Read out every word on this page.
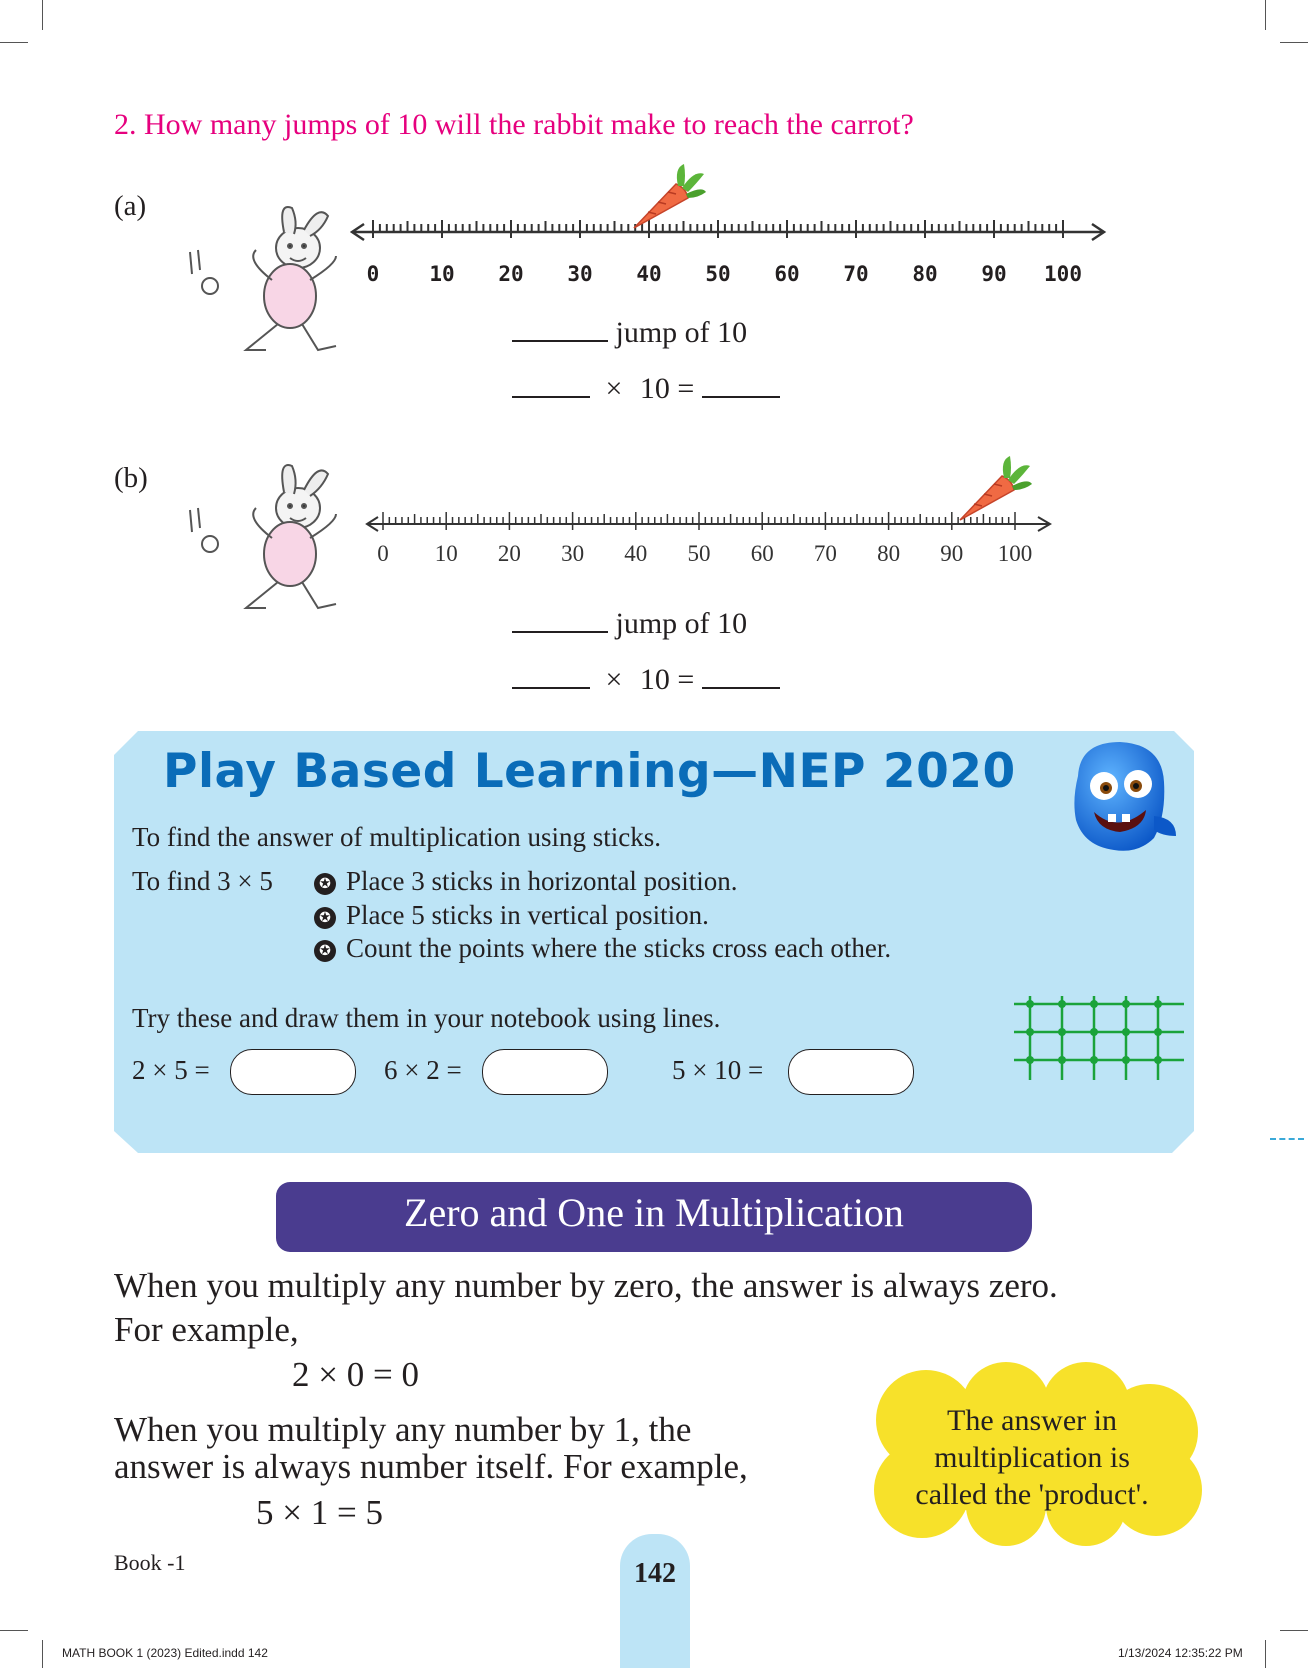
2. How many jumps of 10 will the rabbit make to reach the carrot?
(a)
0 10 20 30 40 50 60 70 80 90 100
jump of 10
× 10 =
(b)
0 10 20 30 40 50 60 70 80 90 100
jump of 10
× 10 =
Play Based Learning—NEP 2020
To find the answer of multiplication using sticks.
To find 3 × 5	✪ Place 3 sticks in horizontal position.
✪ Place 5 sticks in vertical position.
✪ Count the points where the sticks cross each other.
Try these and draw them in your notebook using lines.
2 × 5 =	6 × 2 =	5 × 10 =
Zero and One in Multiplication
When you multiply any number by zero, the answer is always zero.
For example,
2 × 0 = 0
When you multiply any number by 1, the
answer is always number itself. For example,
5 × 1 = 5
The answer in
multiplication is
called the 'product'.
Book -1	142
MATH BOOK 1 (2023) Edited.indd 142	1/13/2024 12:35:22 PM
